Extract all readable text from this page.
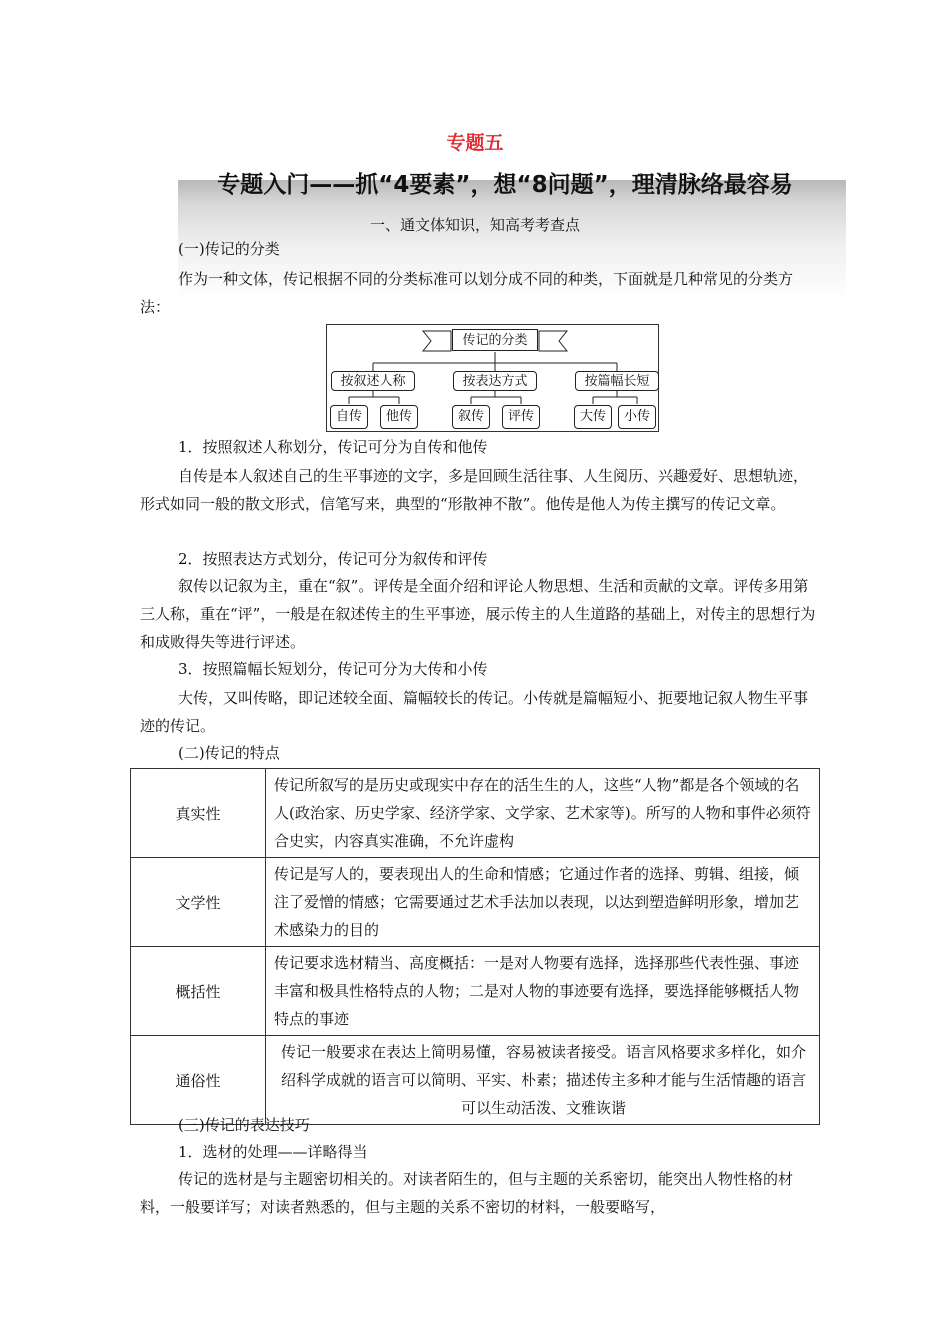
专题五
专题入门——抓“4要素”，想“8问题”，理清脉络最容易
一、通文体知识，知高考考查点
(一)传记的分类
作为一种文体，传记根据不同的分类标准可以划分成不同的种类，下面就是几种常见的分类方法：
传记的分类
按叙述人称	按表达方式	按篇幅长短
自传	他传	叙传	评传	大传	小传
1．按照叙述人称划分，传记可分为自传和他传
自传是本人叙述自己的生平事迹的文字，多是回顾生活往事、人生阅历、兴趣爱好、思想轨迹，形式如同一般的散文形式，信笔写来，典型的“形散神不散”。他传是他人为传主撰写的传记文章。
2．按照表达方式划分，传记可分为叙传和评传
叙传以记叙为主，重在“叙”。评传是全面介绍和评论人物思想、生活和贡献的文章。评传多用第三人称，重在“评”，一般是在叙述传主的生平事迹，展示传主的人生道路的基础上，对传主的思想行为和成败得失等进行评述。
3．按照篇幅长短划分，传记可分为大传和小传
大传，又叫传略，即记述较全面、篇幅较长的传记。小传就是篇幅短小、扼要地记叙人物生平事迹的传记。
(二)传记的特点
真实性	传记所叙写的是历史或现实中存在的活生生的人，这些“人物”都是各个领域的名人(政治家、历史学家、经济学家、文学家、艺术家等)。所写的人物和事件必须符合史实，内容真实准确，不允许虚构
文学性	传记是写人的，要表现出人的生命和情感；它通过作者的选择、剪辑、组接，倾注了爱憎的情感；它需要通过艺术手法加以表现，以达到塑造鲜明形象，增加艺术感染力的目的
概括性	传记要求选材精当、高度概括：一是对人物要有选择，选择那些代表性强、事迹丰富和极具性格特点的人物；二是对人物的事迹要有选择，要选择能够概括人物特点的事迹
通俗性	传记一般要求在表达上简明易懂，容易被读者接受。语言风格要求多样化，如介绍科学成就的语言可以简明、平实、朴素；描述传主多种才能与生活情趣的语言可以生动活泼、文雅诙谐
(三)传记的表达技巧
1．选材的处理——详略得当
传记的选材是与主题密切相关的。对读者陌生的，但与主题的关系密切，能突出人物性格的材料，一般要详写；对读者熟悉的，但与主题的关系不密切的材料，一般要略写，
